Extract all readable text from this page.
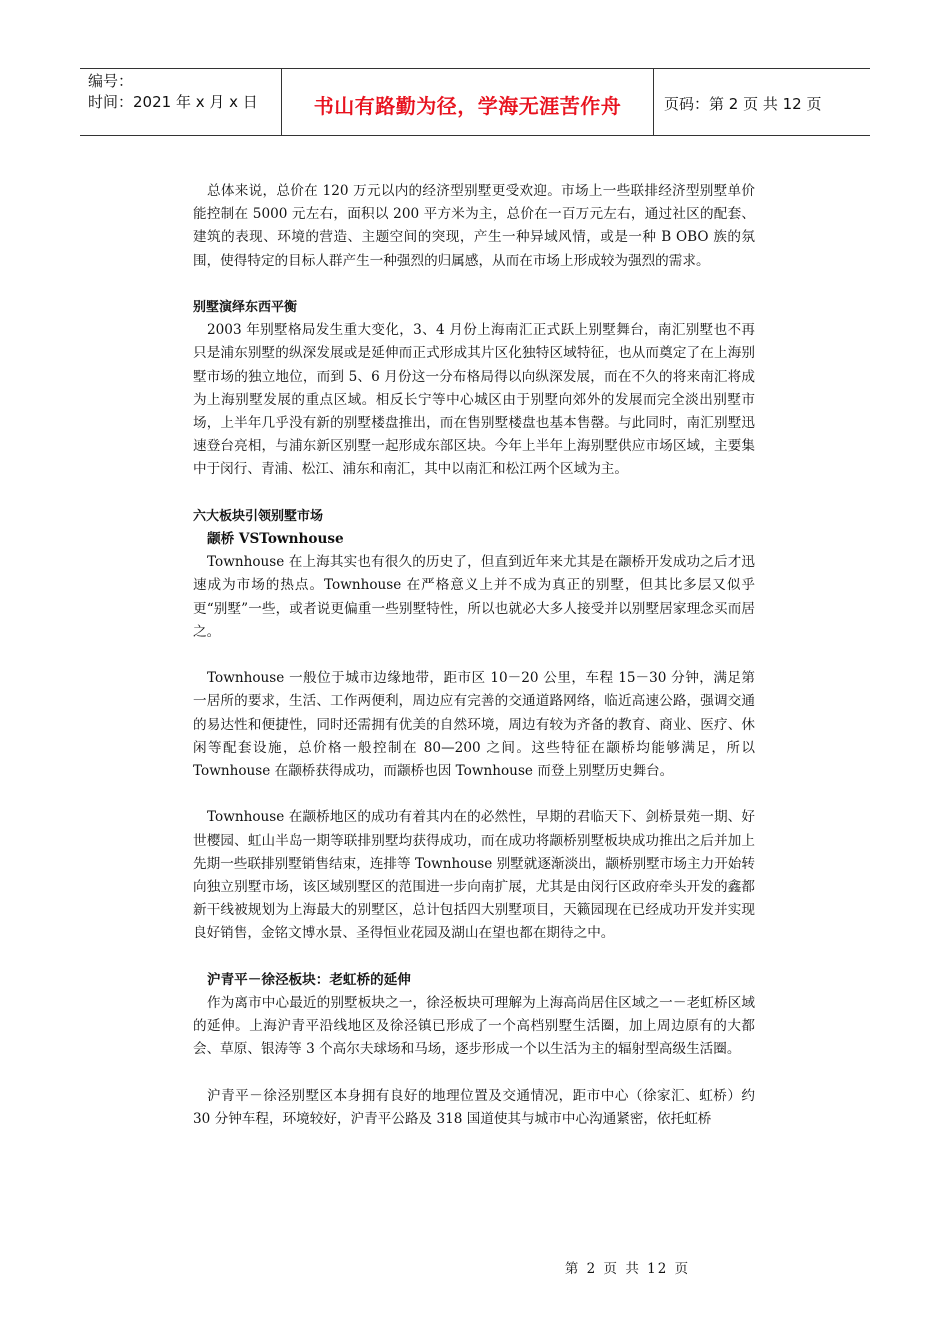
编号：
时间：2021 年 x 月 x 日	书山有路勤为径，学海无涯苦作舟	页码：第 2 页 共 12 页

总体来说，总价在 120 万元以内的经济型别墅更受欢迎。市场上一些联排经济型别墅单价能控制在 5000 元左右，面积以 200 平方米为主，总价在一百万元左右，通过社区的配套、建筑的表现、环境的营造、主题空间的突现，产生一种异域风情，或是一种 B OBO 族的氛围，使得特定的目标人群产生一种强烈的归属感，从而在市场上形成较为强烈的需求。

别墅演绎东西平衡

2003 年别墅格局发生重大变化，3、4 月份上海南汇正式跃上别墅舞台，南汇别墅也不再只是浦东别墅的纵深发展或是延伸而正式形成其片区化独特区域特征，也从而奠定了在上海别墅市场的独立地位，而到 5、6 月份这一分布格局得以向纵深发展，而在不久的将来南汇将成为上海别墅发展的重点区域。相反长宁等中心城区由于别墅向郊外的发展而完全淡出别墅市场，上半年几乎没有新的别墅楼盘推出，而在售别墅楼盘也基本售罄。与此同时，南汇别墅迅速登台亮相，与浦东新区别墅一起形成东部区块。今年上半年上海别墅供应市场区域，主要集中于闵行、青浦、松江、浦东和南汇，其中以南汇和松江两个区域为主。

六大板块引领别墅市场

颛桥 VSTownhouse

Townhouse 在上海其实也有很久的历史了，但直到近年来尤其是在颛桥开发成功之后才迅速成为市场的热点。Townhouse 在严格意义上并不成为真正的别墅，但其比多层又似乎更“别墅”一些，或者说更偏重一些别墅特性，所以也就必大多人接受并以别墅居家理念买而居之。

Townhouse 一般位于城市边缘地带，距市区 10－20 公里，车程 15－30 分钟，满足第一居所的要求，生活、工作两便利，周边应有完善的交通道路网络，临近高速公路，强调交通的易达性和便捷性，同时还需拥有优美的自然环境，周边有较为齐备的教育、商业、医疗、休闲等配套设施，总价格一般控制在 80—200 之间。这些特征在颛桥均能够满足，所以 Townhouse 在颛桥获得成功，而颛桥也因 Townhouse 而登上别墅历史舞台。

Townhouse 在颛桥地区的成功有着其内在的必然性，早期的君临天下、剑桥景苑一期、好世樱园、虹山半岛一期等联排别墅均获得成功，而在成功将颛桥别墅板块成功推出之后并加上先期一些联排别墅销售结束，连排等 Townhouse 别墅就逐渐淡出，颛桥别墅市场主力开始转向独立别墅市场，该区域别墅区的范围进一步向南扩展，尤其是由闵行区政府牵头开发的鑫都新干线被规划为上海最大的别墅区，总计包括四大别墅项目，天籁园现在已经成功开发并实现良好销售，金铭文博水景、圣得恒业花园及湖山在望也都在期待之中。

沪青平－徐泾板块：老虹桥的延伸

作为离市中心最近的别墅板块之一，徐泾板块可理解为上海高尚居住区域之一－老虹桥区域的延伸。上海沪青平沿线地区及徐泾镇已形成了一个高档别墅生活圈，加上周边原有的大都会、草原、银涛等 3 个高尔夫球场和马场，逐步形成一个以生活为主的辐射型高级生活圈。

沪青平－徐泾别墅区本身拥有良好的地理位置及交通情况，距市中心（徐家汇、虹桥）约 30 分钟车程，环境较好，沪青平公路及 318 国道使其与城市中心沟通紧密，依托虹桥

第 2 页 共 12 页
